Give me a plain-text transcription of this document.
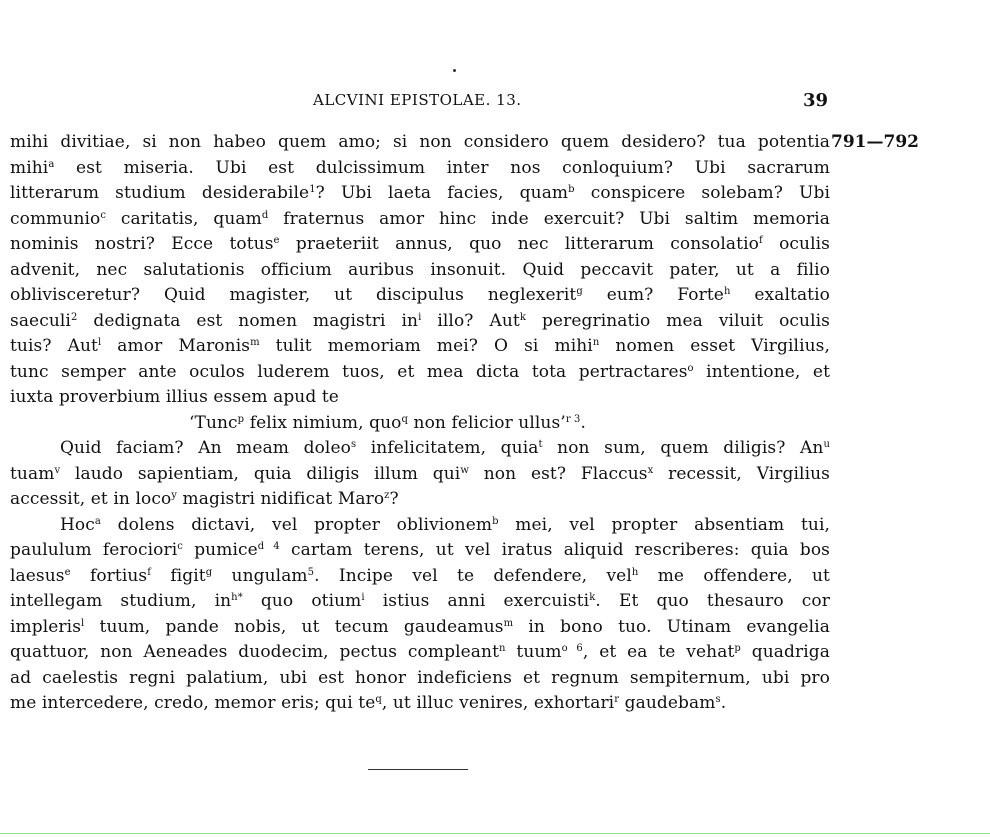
ALCVINI EPISTOLAE. 13.	39
791—792
mihi divitiae, si non habeo quem amo; si non considero quem desidero? tua potentia
mihi$^a$ est miseria. Ubi est dulcissimum inter nos conloquium? Ubi sacrarum
litterarum studium desiderabile$^1$? Ubi laeta facies, quam$^b$ conspicere solebam? Ubi
communio$^c$ caritatis, quam$^d$ fraternus amor hinc inde exercuit? Ubi saltim memoria
nominis nostri? Ecce totus$^e$ praeteriit annus, quo nec litterarum consolatio$^f$ oculis
advenit, nec salutationis officium auribus insonuit. Quid peccavit pater, ut a filio
oblivisceretur? Quid magister, ut discipulus neglexerit$^g$ eum? Forte$^h$ exaltatio
saeculi$^2$ dedignata est nomen magistri $in^i$ illo? Aut$^k$ peregrinatio mea viluit oculis
tuis? Aut$^l$ amor Maronis$^m$ tulit memoriam mei? O si mihi$^n$ nomen esset Virgilius,
tunc semper ante oculos luderem tuos, et mea dicta tota pertractares$^o$ intentione, et
iuxta proverbium illius essem apud te
‘Tunc$^p$ felix nimium, quo$^q$ non felicior ullus’$^{r 3}$.
Quid faciam? An meam doleo$^s$ infelicitatem, quia$^t$ non sum, quem diligis? An$^u$
tuam$^v$ laudo sapientiam, quia diligis illum qui$^w$ non est? Flaccus$^x$ recessit, Virgilius
accessit, et in loco$^y$ magistri nidificat Maro$^z$?
Hoc$^a$ dolens dictavi, vel propter oblivionem$^b$ mei, vel propter absentiam tui,
paululum ferociori$^c$ pumice$^{d 4}$ cartam terens, ut vel iratus aliquid rescriberes: quia bos
laesus$^e$ fortius$^f$ figit$^g$ ungulam$^5$. Incipe vel te defendere, vel$^h$ me offendere, ut
intellegam studium, $in^{h*}$ quo otium$^i$ istius anni exercuisti$^k$. Et quo thesauro cor
impleris$^l$ tuum, pande nobis, ut tecum gaudeamus$^m$ in bono tuo. Utinam evangelia
quattuor, non Aeneades duodecim, pectus compleant$^n$ tuum$^{o 6}$, et ea te vehat$^p$ quadriga
ad caelestis regni palatium, ubi est honor indeficiens et regnum sempiternum, ubi pro
me intercedere, credo, memor eris; qui $te^q$, ut illuc venires, exhortari$^r$ gaudebam$^s$.
